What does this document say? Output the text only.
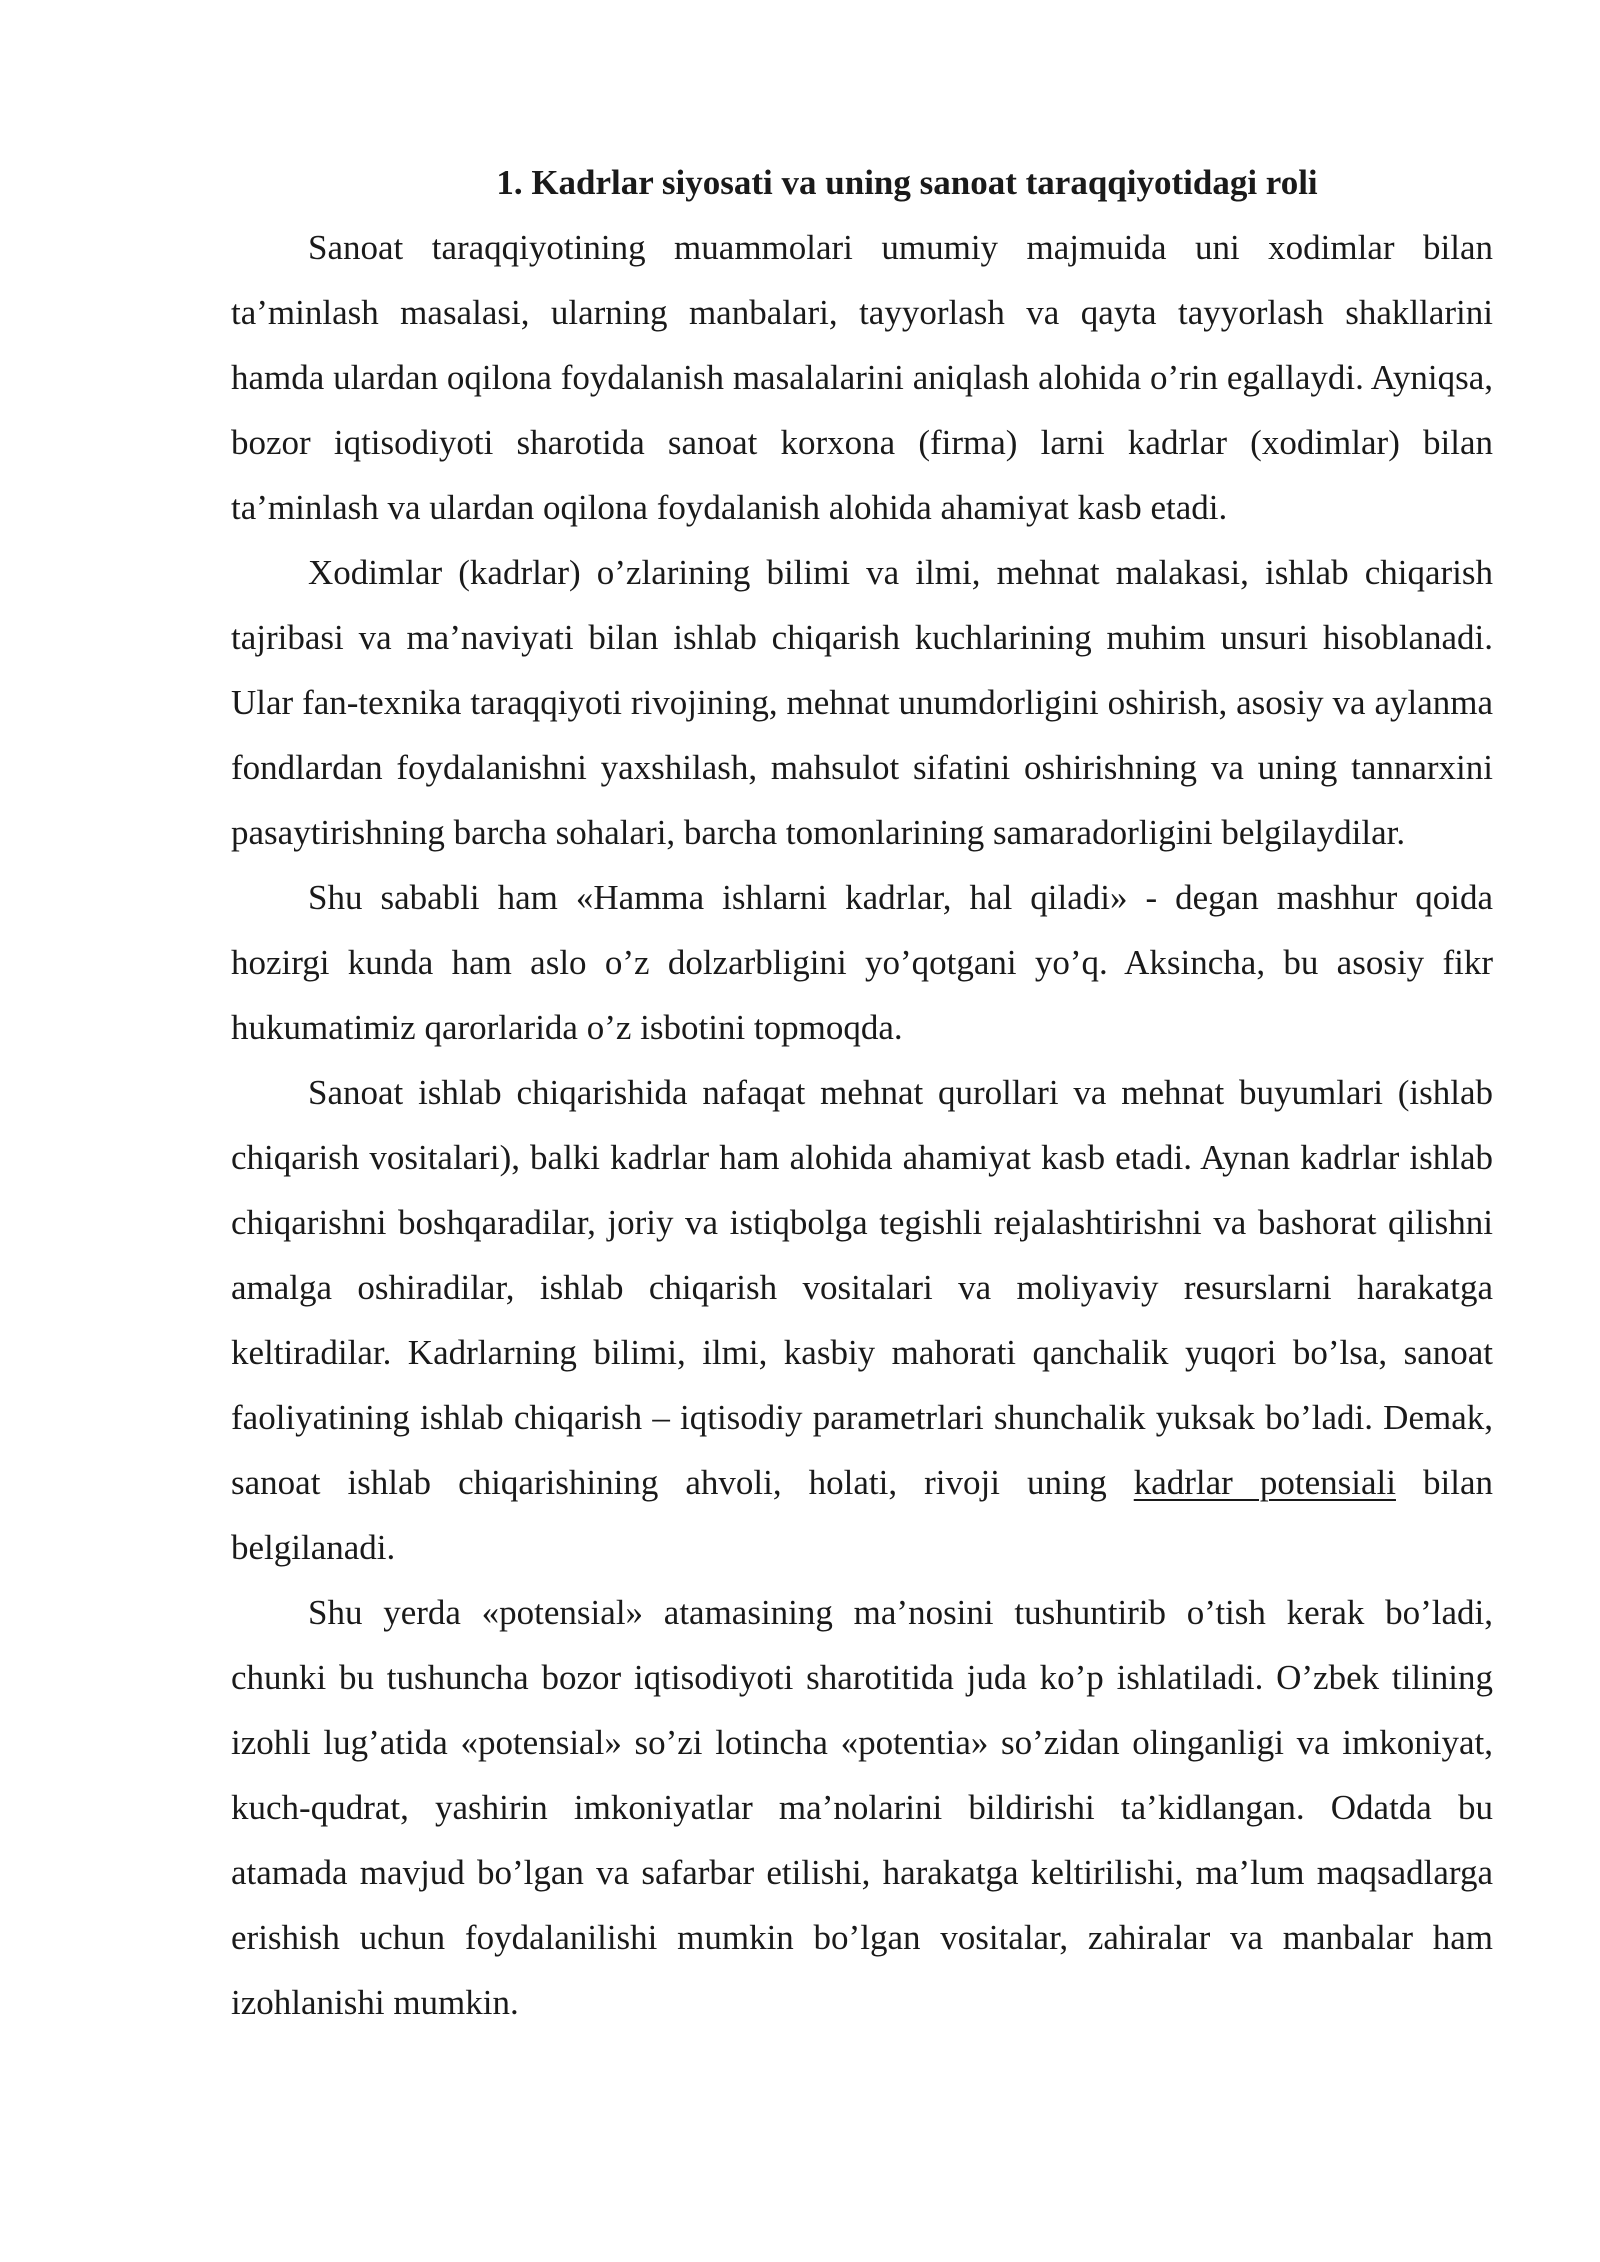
1. Kadrlar siyosati va uning sanoat taraqqiyotidagi roli

Sanoat taraqqiyotining muammolari umumiy majmuida uni xodimlar bilan ta’minlash masalasi, ularning manbalari, tayyorlash va qayta tayyorlash shakllarini hamda ulardan oqilona foydalanish masalalarini aniqlash alohida o’rin egallaydi. Ayniqsa, bozor iqtisodiyoti sharotida sanoat korxona (firma) larni kadrlar (xodimlar) bilan ta’minlash va ulardan oqilona foydalanish alohida ahamiyat kasb etadi.

Xodimlar (kadrlar) o’zlarining bilimi va ilmi, mehnat malakasi, ishlab chiqarish tajribasi va ma’naviyati bilan ishlab chiqarish kuchlarining muhim unsuri hisoblanadi. Ular fan-texnika taraqqiyoti rivojining, mehnat unumdorligini oshirish, asosiy va aylanma fondlardan foydalanishni yaxshilash, mahsulot sifatini oshirishning va uning tannarxini pasaytirishning barcha sohalari, barcha tomonlarining samaradorligini belgilaydilar.

Shu sababli ham «Hamma ishlarni kadrlar, hal qiladi» - degan mashhur qoida hozirgi kunda ham aslo o’z dolzarbligini yo’qotgani yo’q. Aksincha, bu asosiy fikr hukumatimiz qarorlarida o’z isbotini topmoqda.

Sanoat ishlab chiqarishida nafaqat mehnat qurollari va mehnat buyumlari (ishlab chiqarish vositalari), balki kadrlar ham alohida ahamiyat kasb etadi. Aynan kadrlar ishlab chiqarishni boshqaradilar, joriy va istiqbolga tegishli rejalashtirishni va bashorat qilishni amalga oshiradilar, ishlab chiqarish vositalari va moliyaviy resurslarni harakatga keltiradilar. Kadrlarning bilimi, ilmi, kasbiy mahorati qanchalik yuqori bo’lsa, sanoat faoliyatining ishlab chiqarish – iqtisodiy parametrlari shunchalik yuksak bo’ladi. Demak, sanoat ishlab chiqarishining ahvoli, holati, rivoji uning kadrlar potensiali bilan belgilanadi.

Shu yerda «potensial» atamasining ma’nosini tushuntirib o’tish kerak bo’ladi, chunki bu tushuncha bozor iqtisodiyoti sharotitida juda ko’p ishlatiladi. O’zbek tilining izohli lug’atida «potensial» so’zi lotincha «potentia» so’zidan olinganligi va imkoniyat, kuch-qudrat, yashirin imkoniyatlar ma’nolarini bildirishi ta’kidlangan. Odatda bu atamada mavjud bo’lgan va safarbar etilishi, harakatga keltirilishi, ma’lum maqsadlarga erishish uchun foydalanilishi mumkin bo’lgan vositalar, zahiralar va manbalar ham izohlanishi mumkin.
